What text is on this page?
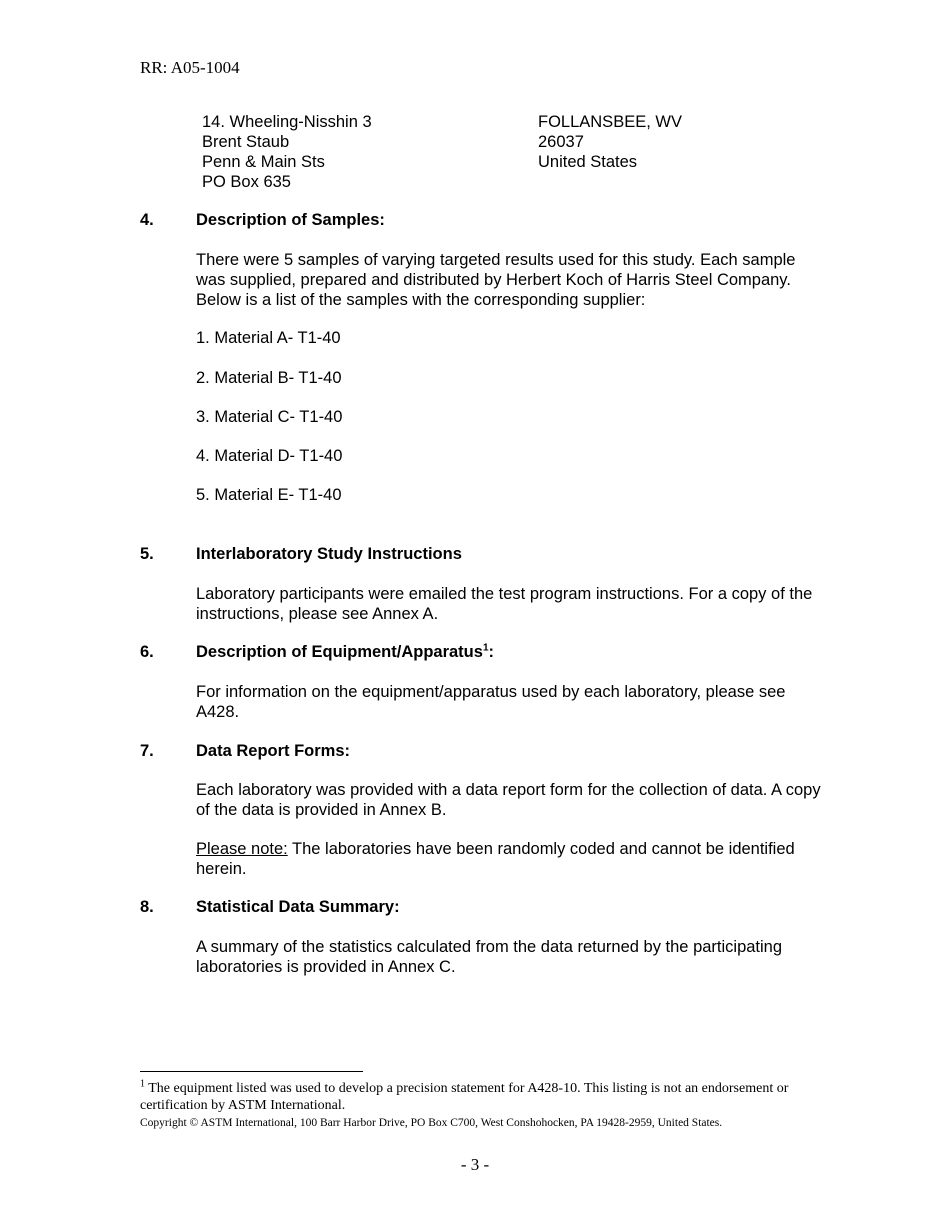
RR: A05-1004
14. Wheeling-Nisshin 3
Brent Staub
Penn & Main Sts
PO Box 635
FOLLANSBEE, WV
26037
United States
4.	Description of Samples:
There were 5 samples of varying targeted results used for this study. Each sample was supplied, prepared and distributed by Herbert Koch of Harris Steel Company. Below is a list of the samples with the corresponding supplier:
1. Material A- T1-40
2. Material B- T1-40
3. Material C- T1-40
4. Material D- T1-40
5. Material E- T1-40
5.	Interlaboratory Study Instructions
Laboratory participants were emailed the test program instructions. For a copy of the instructions, please see Annex A.
6.	Description of Equipment/Apparatus$^1$:
For information on the equipment/apparatus used by each laboratory, please see A428.
7.	Data Report Forms:
Each laboratory was provided with a data report form for the collection of data. A copy of the data is provided in Annex B.
Please note: The laboratories have been randomly coded and cannot be identified herein.
8.	Statistical Data Summary:
A summary of the statistics calculated from the data returned by the participating laboratories is provided in Annex C.
$^1$ The equipment listed was used to develop a precision statement for A428-10. This listing is not an endorsement or certification by ASTM International.
Copyright © ASTM International, 100 Barr Harbor Drive, PO Box C700, West Conshohocken, PA 19428-2959, United States.
- 3 -
